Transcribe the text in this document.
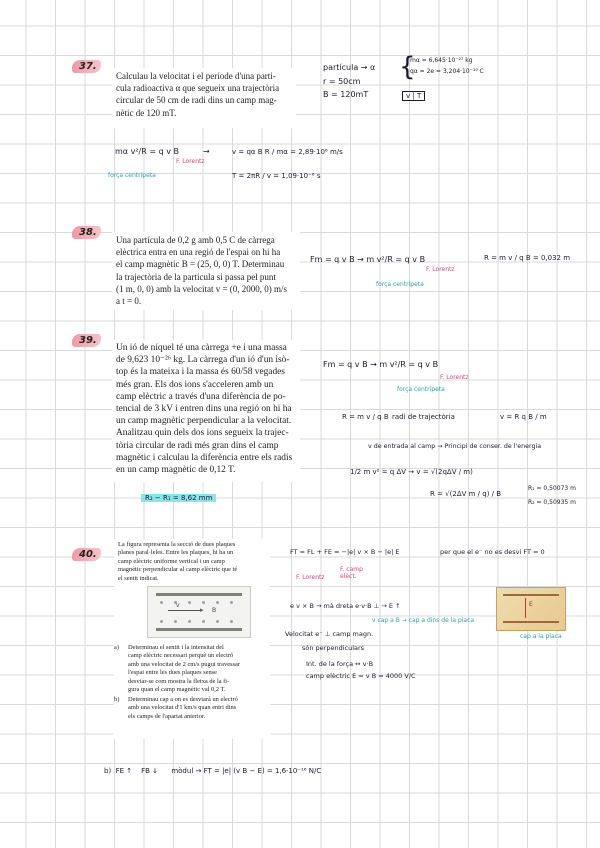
37.

Calculau la velocitat i el període d'una parti-

cula radioactiva α que segueix una trajectòria

circular de 50 cm de radi dins un camp mag-

nètic de 120 mT.

partícula → α
r = 50cm
B = 120mT
{
mα = 6,645·10⁻²⁷ kg
qα = 2e = 3,204·10⁻¹⁹ C
v | T
mα v²/R = q v B	→
F. Lorentz
força centrípeta
v = qα B R / mα = 2,89·10⁶ m/s
T = 2πR / v = 1,09·10⁻⁶ s
38.

Una partícula de 0,2 g amb 0,5 C de càrrega

elèctrica entra en una regió de l'espai on hi ha

el camp magnètic B = (25, 0, 0) T. Determinau

la trajectòria de la partícula si passa pel punt

(1 m, 0, 0) amb la velocitat v = (0, 2000, 0) m/s

a t = 0.

Fm = q v B → m v²/R = q v B
F. Lorentz
força centrípeta
R = m v / q B = 0,032 m
39.

Un ió de níquel té una càrrega +e i una massa

de 9,623 10⁻²⁶ kg. La càrrega d'un ió d'un isò-

top és la mateixa i la massa és 60/58 vegades

més gran. Els dos ions s'acceleren amb un

camp elèctric a través d'una diferència de po-

tencial de 3 kV i entren dins una regió on hi ha

un camp magnètic perpendicular a la velocitat.

Analitzau quin dels dos ions segueix la trajec-

tòria circular de radi més gran dins el camp

magnètic i calculau la diferència entre els radis

en un camp magnètic de 0,12 T.

R₂ − R₁ = 8,62 mm
Fm = q v B → m v²/R = q v B
F. Lorentz
força centrípeta
R = m v / q B radi de trajectòria	v = R q B / m
v de entrada al camp → Principi de conser. de l'energia
1/2 m v² = q ΔV → v = √(2qΔV / m)
R = √(2ΔV m / q) / B
R₁ = 0,50073 m
R₂ = 0,50935 m
40.

La figura representa la secció de dues plaques

planes paral·leles. Entre les plaques, hi ha un

camp elèctric uniforme vertical i un camp

magnètic perpendicular al camp elèctric que té

el sentit indicat.

▸
v
B
a) Determinau el sentit i la intensitat del

camp elèctric necessari perquè un electró

amb una velocitat de 2 cm/s pugui travessar

l'espai entre les dues plaques sense

desviar-se com mostra la fletxa de la fi-

gura quan el camp magnètic val 0,2 T.

b) Determinau cap a on es desviarà un electró

amb una velocitat d'1 km/s quan entri dins

els camps de l'apartat anterior.

FT = FL + FE = −|e| v × B − |e| E	per que el e⁻ no es desvi FT = 0
F. Lorentz
F. camp elèct.
e v × B → mà dreta e·v·B ⊥ → E ↑
v cap a B → cap a dins de la placa
E
cap a la placa
Velocitat e⁻ ⊥ camp magn.
són perpendiculars
Int. de la força ↔ v·B
camp elèctric E = v B = 4000 V/C
b)  FE ↑    FB ↓      mòdul → FT = |e| (v B − E) = 1,6·10⁻¹⁶ N/C
